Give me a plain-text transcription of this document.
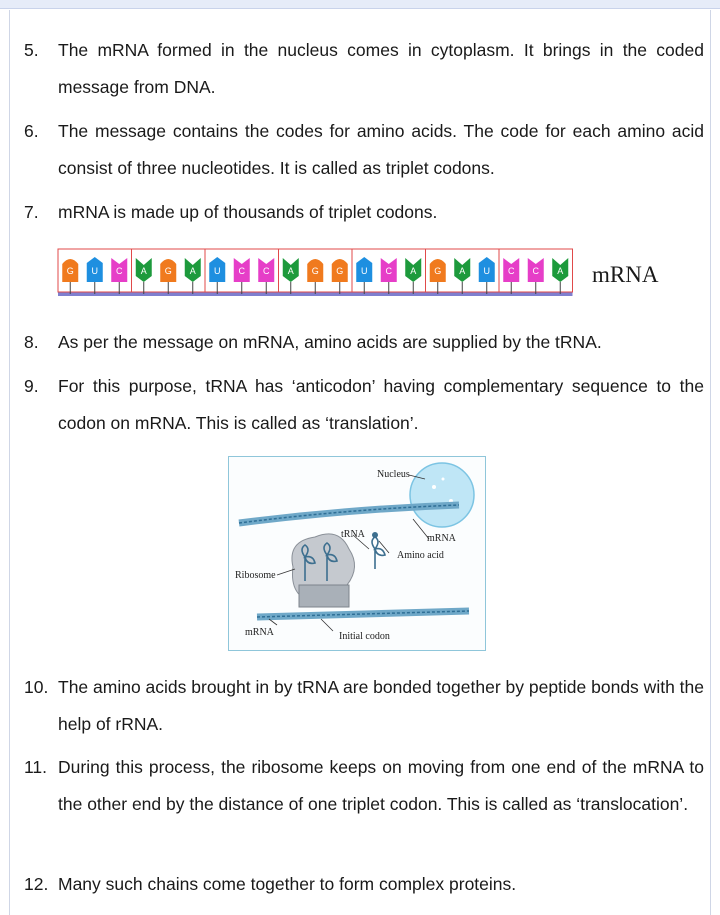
5.	The mRNA formed in the nucleus comes in cytoplasm. It brings in the coded message from DNA.
6.	The message contains the codes for amino acids. The code for each amino acid consist of three nucleotides. It is called as triplet codons.
7.	mRNA is made up of thousands of triplet codons.
G U C A G A U C C A G G U C A G A U C C A mRNA
8.	As per the message on mRNA, amino acids are supplied by the tRNA.
9.	For this purpose, tRNA has ‘anticodon’ having complementary sequence to the codon on mRNA. This is called as ‘translation’.
Nucleus
tRNA	mRNA
Amino acid
Ribosome
mRNA	Initial codon
10. The amino acids brought in by tRNA are bonded together by peptide bonds with the help of rRNA.
11. During this process, the ribosome keeps on moving from one end of the mRNA to the other end by the distance of one triplet codon. This is called as ‘translocation’.
12. Many such chains come together to form complex proteins.
